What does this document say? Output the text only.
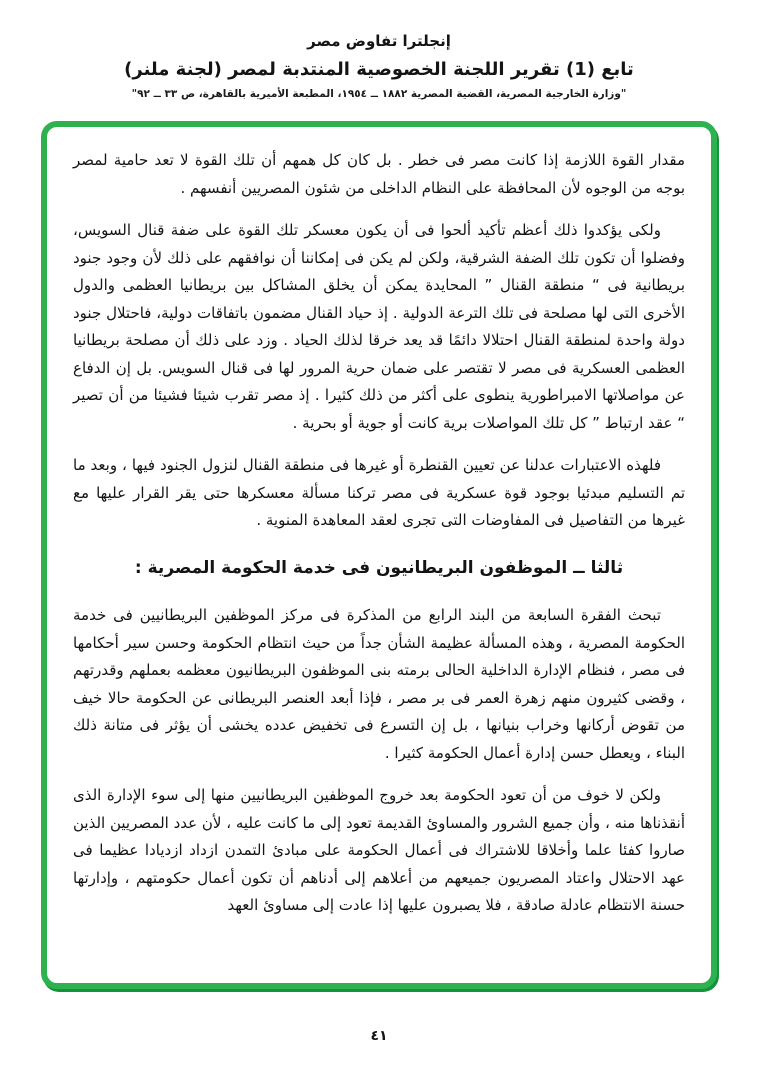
إنجلترا تفاوض مصر
تابع (1) تقرير اللجنة الخصوصية المنتدبة لمصر (لجنة ملنر)
"وزارة الخارجية المصرية، القضية المصرية ١٨٨٢ ــ ١٩٥٤، المطبعة الأميرية بالقاهرة، ص ٣٣ ــ ٩٢"

مقدار القوة اللازمة إذا كانت مصر فى خطر . بل كان كل همهم أن تلك القوة لا تعد حامية لمصر بوجه من الوجوه لأن المحافظة على النظام الداخلى من شئون المصريين أنفسهم .

ولكى يؤكدوا ذلك أعظم تأكيد ألحوا فى أن يكون معسكر تلك القوة على ضفة قنال السويس، وفضلوا أن تكون تلك الضفة الشرقية، ولكن لم يكن فى إمكاننا أن نوافقهم على ذلك لأن وجود جنود بريطانية فى “ منطقة القنال ” المحايدة يمكن أن يخلق المشاكل بين بريطانيا العظمى والدول الأخرى التى لها مصلحة فى تلك الترعة الدولية . إذ حياد القنال مضمون باتفاقات دولية، فاحتلال جنود دولة واحدة لمنطقة القنال احتلالا دائمًا قد يعد خرقا لذلك الحياد . وزد على ذلك أن مصلحة بريطانيا العظمى العسكرية فى مصر لا تقتصر على ضمان حرية المرور لها فى قنال السويس. بل إن الدفاع عن مواصلاتها الامبراطورية ينطوى على أكثر من ذلك كثيرا . إذ مصر تقرب شيئا فشيئا من أن تصير “ عقد ارتباط ” كل تلك المواصلات برية كانت أو جوية أو بحرية .

فلهذه الاعتبارات عدلنا عن تعيين القنطرة أو غيرها فى منطقة القنال لنزول الجنود فيها ، وبعد ما تم التسليم مبدئيا بوجود قوة عسكرية فى مصر تركنا مسألة معسكرها حتى يقر القرار عليها مع غيرها من التفاصيل فى المفاوضات التى تجرى لعقد المعاهدة المنوية .

ثالثا ــ الموظفون البريطانيون فى خدمة الحكومة المصرية :

تبحث الفقرة السابعة من البند الرابع من المذكرة فى مركز الموظفين البريطانيين فى خدمة الحكومة المصرية ، وهذه المسألة عظيمة الشأن جداً من حيث انتظام الحكومة وحسن سير أحكامها فى مصر ، فنظام الإدارة الداخلية الحالى برمته بنى الموظفون البريطانيون معظمه بعملهم وقدرتهم ، وقضى كثيرون منهم زهرة العمر فى بر مصر ، فإذا أبعد العنصر البريطانى عن الحكومة حالا خيف من تقوض أركانها وخراب بنيانها ، بل إن التسرع فى تخفيض عدده يخشى أن يؤثر فى متانة ذلك البناء ، ويعطل حسن إدارة أعمال الحكومة كثيرا .

ولكن لا خوف من أن تعود الحكومة بعد خروج الموظفين البريطانيين منها إلى سوء الإدارة الذى أنقذناها منه ، وأن جميع الشرور والمساوئ القديمة تعود إلى ما كانت عليه ، لأن عدد المصريين الذين صاروا كفئا علما وأخلاقا للاشتراك فى أعمال الحكومة على مبادئ التمدن ازداد ازديادا عظيما فى عهد الاحتلال واعتاد المصريون جميعهم من أعلاهم إلى أدناهم أن تكون أعمال حكومتهم ، وإدارتها حسنة الانتظام عادلة صادقة ، فلا يصبرون عليها إذا عادت إلى مساوئ العهد

٤١
